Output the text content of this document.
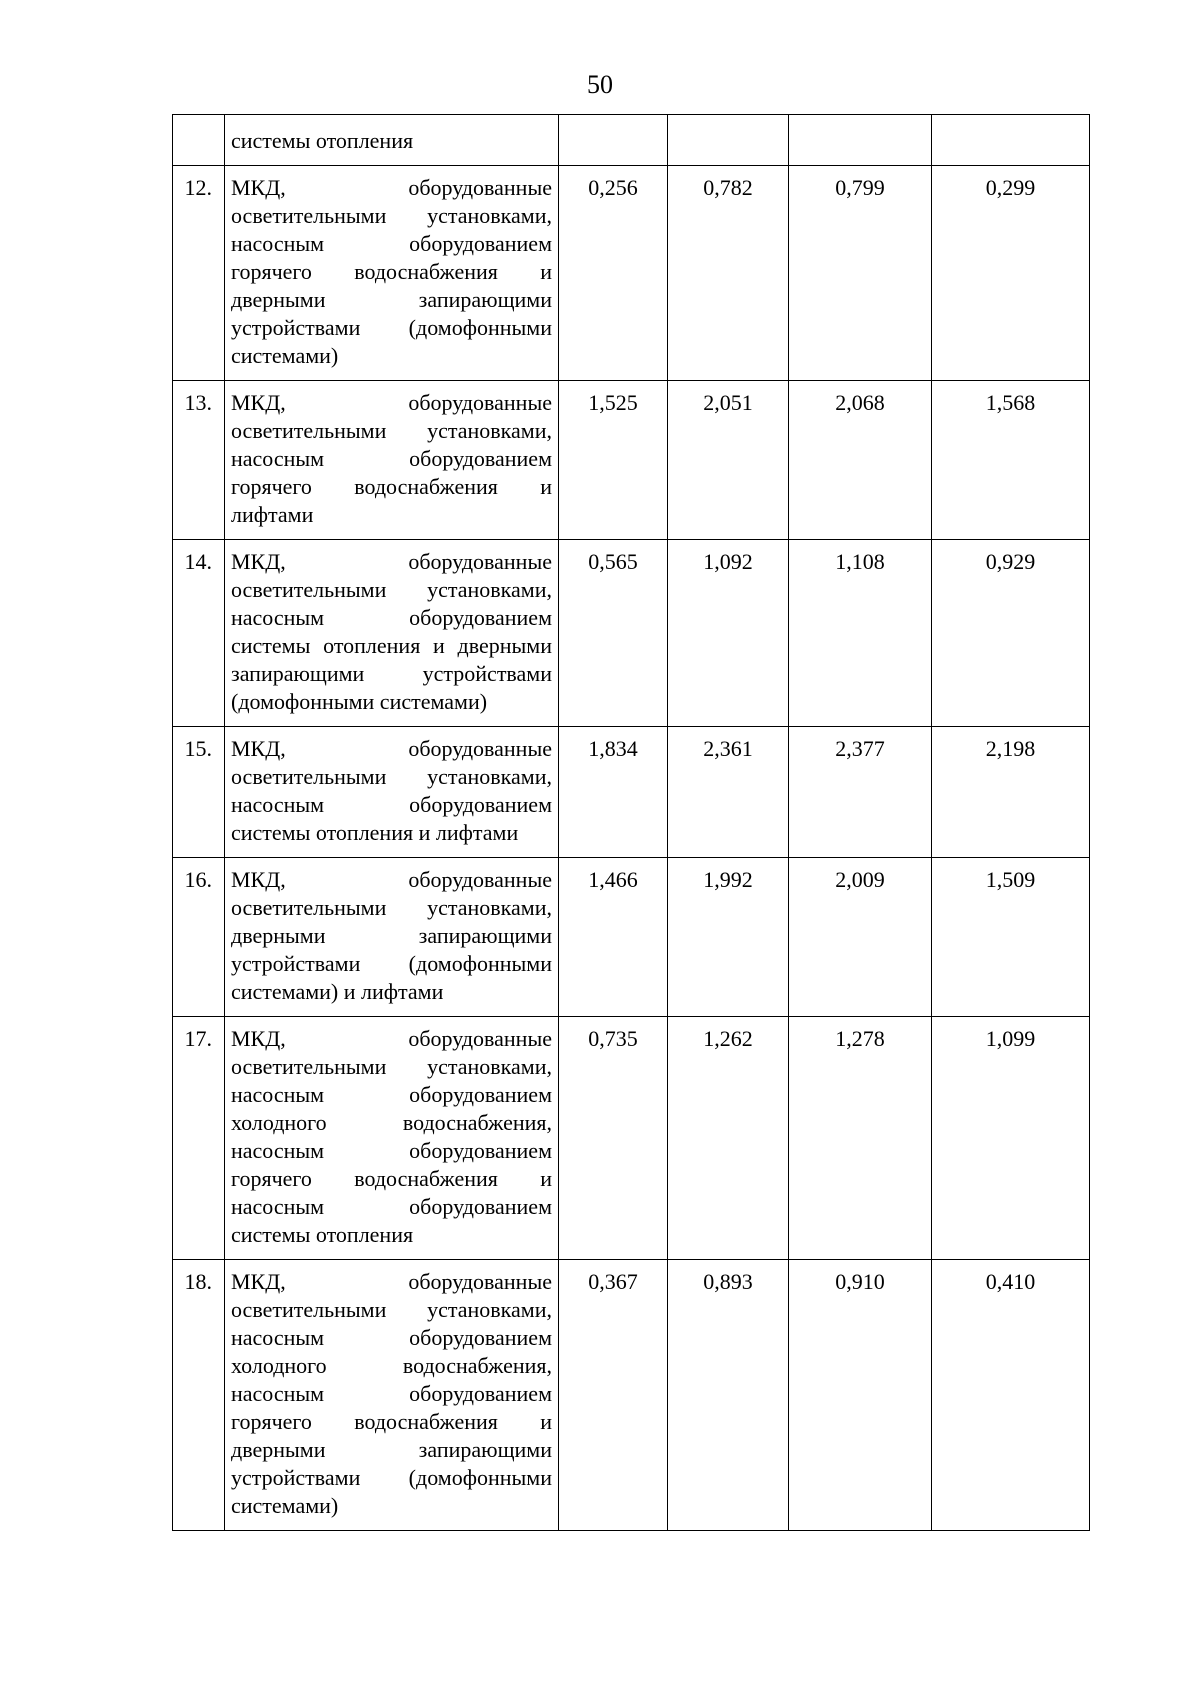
50
	системы отопления				
12.	МКД, оборудованные осветительными установками, насосным оборудованием горячего водоснабжения и дверными запирающими устройствами (домофонными системами)	0,256	0,782	0,799	0,299
13.	МКД, оборудованные осветительными установками, насосным оборудованием горячего водоснабжения и лифтами	1,525	2,051	2,068	1,568
14.	МКД, оборудованные осветительными установками, насосным оборудованием системы отопления и дверными запирающими устройствами (домофонными системами)	0,565	1,092	1,108	0,929
15.	МКД, оборудованные осветительными установками, насосным оборудованием системы отопления и лифтами	1,834	2,361	2,377	2,198
16.	МКД, оборудованные осветительными установками, дверными запирающими устройствами (домофонными системами) и лифтами	1,466	1,992	2,009	1,509
17.	МКД, оборудованные осветительными установками, насосным оборудованием холодного водоснабжения, насосным оборудованием горячего водоснабжения и насосным оборудованием системы отопления	0,735	1,262	1,278	1,099
18.	МКД, оборудованные осветительными установками, насосным оборудованием холодного водоснабжения, насосным оборудованием горячего водоснабжения и дверными запирающими устройствами (домофонными системами)	0,367	0,893	0,910	0,410
